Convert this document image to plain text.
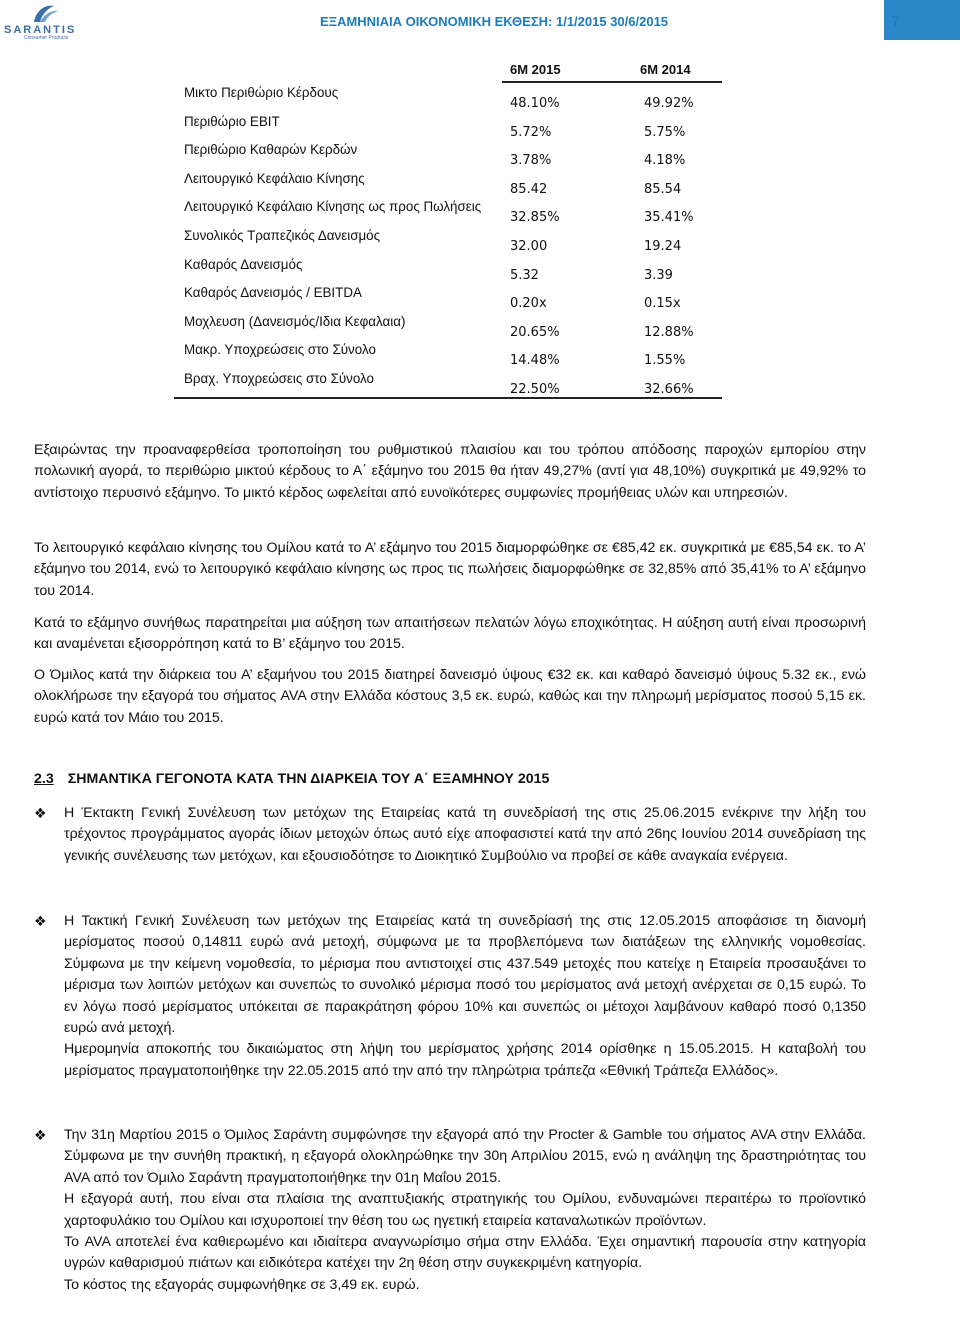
SARANTIS
Consumer Products
ΕΞΑΜΗΝΙΑΙΑ ΟΙΚΟΝΟΜΙΚΗ ΕΚΘΕΣΗ: 1/1/2015 30/6/2015	7
6M 2015	6M 2014
Μικτο Περιθώριο Κέρδους
Περιθώριο EBIT
Περιθώριο Καθαρών Κερδών
Λειτουργικό Κεφάλαιο Κίνησης
Λειτουργικό Κεφάλαιο Κίνησης ως προς Πωλήσεις
Συνολικός Τραπεζικός Δανεισμός
Καθαρός Δανεισμός
Καθαρός Δανεισμός / EBITDA
Μοχλευση (Δανεισμός/Ιδια Κεφαλαια)
Μακρ. Υποχρεώσεις στο Σύνολο
Βραχ. Υποχρεώσεις στο Σύνολο
48.10%
5.72%
3.78%
85.42
32.85%
32.00
5.32
0.20x
20.65%
14.48%
22.50%
49.92%
5.75%
4.18%
85.54
35.41%
19.24
3.39
0.15x
12.88%
1.55%
32.66%
Εξαιρώντας την προαναφερθείσα τροποποίηση του ρυθμιστικού πλαισίου και του τρόπου απόδοσης παροχών εμπορίου στην πολωνική αγορά, το περιθώριο μικτού κέρδους το Α΄ εξάμηνο του 2015 θα ήταν 49,27% (αντί για 48,10%) συγκριτικά με 49,92% το αντίστοιχο περυσινό εξάμηνο. Το μικτό κέρδος ωφελείται από ευνοϊκότερες συμφωνίες προμήθειας υλών και υπηρεσιών.
Το λειτουργικό κεφάλαιο κίνησης του Ομίλου κατά το Α’ εξάμηνο του 2015 διαμορφώθηκε σε €85,42 εκ. συγκριτικά με €85,54 εκ. το Α’ εξάμηνο του 2014, ενώ το λειτουργικό κεφάλαιο κίνησης ως προς τις πωλήσεις διαμορφώθηκε σε 32,85% από 35,41% το Α’ εξάμηνο του 2014.
Κατά το εξάμηνο συνήθως παρατηρείται μια αύξηση των απαιτήσεων πελατών λόγω εποχικότητας. Η αύξηση αυτή είναι προσωρινή και αναμένεται εξισορρόπηση κατά το Β’ εξάμηνο του 2015.
Ο Όμιλος κατά την διάρκεια του Α’ εξαμήνου του 2015 διατηρεί δανεισμό ύψους €32 εκ. και καθαρό δανεισμό ύψους 5.32 εκ., ενώ ολοκλήρωσε την εξαγορά του σήματος AVA στην Ελλάδα κόστους 3,5 εκ. ευρώ, καθώς και την πληρωμή μερίσματος ποσού 5,15 εκ. ευρώ κατά τον Μάιο του 2015.
2.3 ΣΗΜΑΝΤΙΚΑ ΓΕΓΟΝΟΤΑ ΚΑΤΑ ΤΗΝ ΔΙΑΡΚΕΙΑ ΤΟΥ Α΄ ΕΞΑΜΗΝΟΥ 2015
❖ Η Έκτακτη Γενική Συνέλευση των μετόχων της Εταιρείας κατά τη συνεδρίασή της στις 25.06.2015 ενέκρινε την λήξη του τρέχοντος προγράμματος αγοράς ίδιων μετοχών όπως αυτό είχε αποφασιστεί κατά την από 26ης Ιουνίου 2014 συνεδρίαση της γενικής συνέλευσης των μετόχων, και εξουσιοδότησε το Διοικητικό Συμβούλιο να προβεί σε κάθε αναγκαία ενέργεια.
❖ Η Τακτική Γενική Συνέλευση των μετόχων της Εταιρείας κατά τη συνεδρίασή της στις 12.05.2015 αποφάσισε τη διανομή μερίσματος ποσού 0,14811 ευρώ ανά μετοχή, σύμφωνα με τα προβλεπόμενα των διατάξεων της ελληνικής νομοθεσίας. Σύμφωνα με την κείμενη νομοθεσία, το μέρισμα που αντιστοιχεί στις 437.549 μετοχές που κατείχε η Εταιρεία προσαυξάνει το μέρισμα των λοιπών μετόχων και συνεπώς το συνολικό μέρισμα ποσό του μερίσματος ανά μετοχή ανέρχεται σε 0,15 ευρώ. Το εν λόγω ποσό μερίσματος υπόκειται σε παρακράτηση φόρου 10% και συνεπώς οι μέτοχοι λαμβάνουν καθαρό ποσό 0,1350 ευρώ ανά μετοχή.
Ημερομηνία αποκοπής του δικαιώματος στη λήψη του μερίσματος χρήσης 2014 ορίσθηκε η 15.05.2015. Η καταβολή του μερίσματος πραγματοποιήθηκε την 22.05.2015 από την από την πληρώτρια τράπεζα «Εθνική Τράπεζα Ελλάδος».
❖ Την 31η Μαρτίου 2015 ο Όμιλος Σαράντη συμφώνησε την εξαγορά από την Procter & Gamble του σήματος AVA στην Ελλάδα. Σύμφωνα με την συνήθη πρακτική, η εξαγορά ολοκληρώθηκε την 30η Απριλίου 2015, ενώ η ανάληψη της δραστηριότητας του AVA από τον Όμιλο Σαράντη πραγματοποιήθηκε την 01η Μαΐου 2015.
Η εξαγορά αυτή, που είναι στα πλαίσια της αναπτυξιακής στρατηγικής του Ομίλου, ενδυναμώνει περαιτέρω το προϊοντικό χαρτοφυλάκιο του Ομίλου και ισχυροποιεί την θέση του ως ηγετική εταιρεία καταναλωτικών προϊόντων.
Το AVA αποτελεί ένα καθιερωμένο και ιδιαίτερα αναγνωρίσιμο σήμα στην Ελλάδα. Έχει σημαντική παρουσία στην κατηγορία υγρών καθαρισμού πιάτων και ειδικότερα κατέχει την 2η θέση στην συγκεκριμένη κατηγορία.
Το κόστος της εξαγοράς συμφωνήθηκε σε 3,49 εκ. ευρώ.
